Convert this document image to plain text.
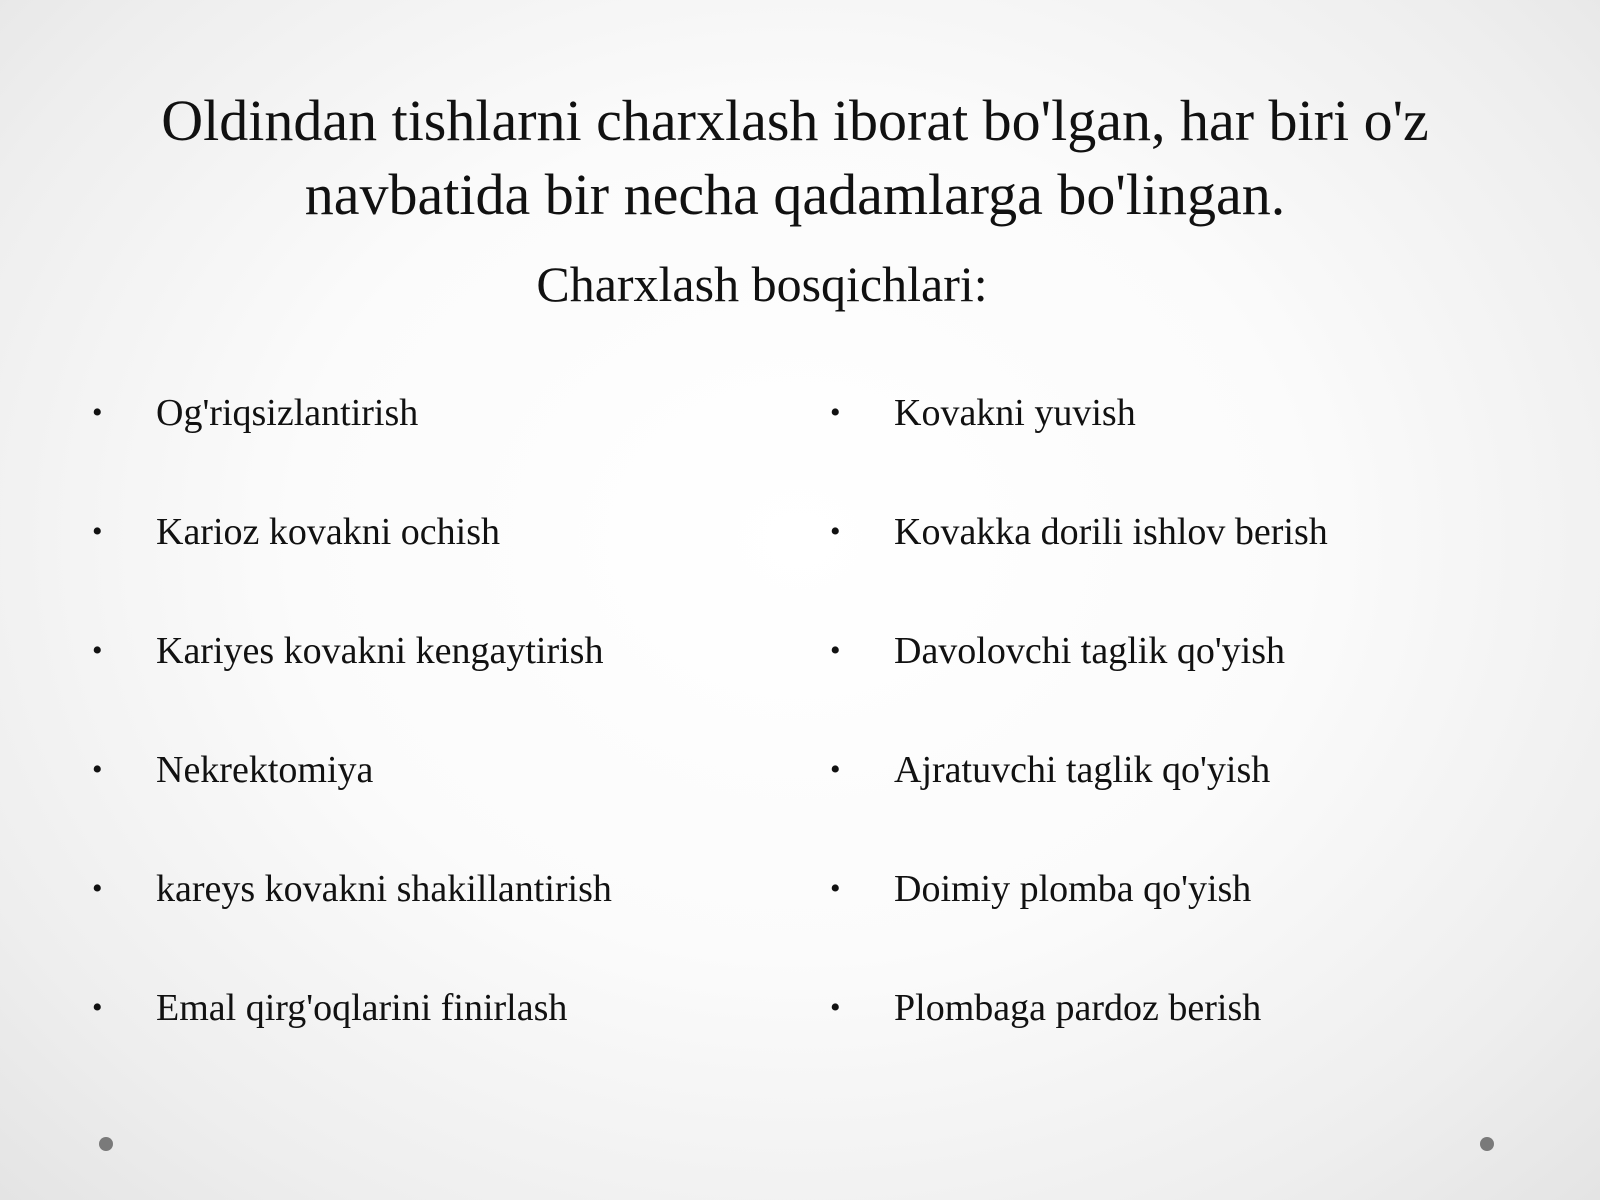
Oldindan tishlarni charxlash iborat bo'lgan, har biri o'z
navbatida bir necha qadamlarga bo'lingan.
Charxlash bosqichlari:
•	Og'riqsizlantirish
•	Karioz kovakni ochish
•	Kariyes kovakni kengaytirish
•	Nekrektomiya
•	kareys kovakni shakillantirish
•	Emal qirg'oqlarini finirlash
•	Kovakni yuvish
•	Kovakka dorili ishlov berish
•	Davolovchi taglik qo'yish
•	Ajratuvchi taglik qo'yish
•	Doimiy plomba qo'yish
•	Plombaga pardoz berish
